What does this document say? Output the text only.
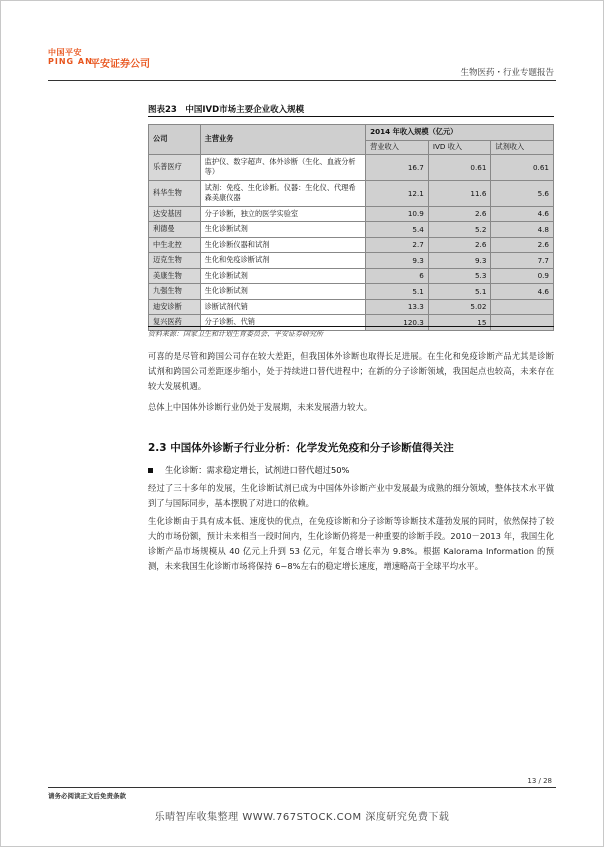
中国平安
PING AN
平安证券公司
生物医药・行业专题报告
图表23　中国IVD市场主要企业收入规模
公司	主营业务	2014 年收入规模（亿元）		
		营业收入	IVD 收入	试剂收入
乐普医疗	监护仪、数字超声、体外诊断（生化、血液分析等）	16.7	0.61	0.61
科华生物	试剂：免疫、生化诊断。仪器：生化仪、代理希森美康仪器	12.1	11.6	5.6
达安基因	分子诊断，独立的医学实验室	10.9	2.6	4.6
利德曼	生化诊断试剂	5.4	5.2	4.8
中生北控	生化诊断仪器和试剂	2.7	2.6	2.6
迈克生物	生化和免疫诊断试剂	9.3	9.3	7.7
美康生物	生化诊断试剂	6	5.3	0.9
九强生物	生化诊断试剂	5.1	5.1	4.6
迪安诊断	诊断试剂代销	13.3	5.02	
复兴医药	分子诊断、代销	120.3	15	
资料来源：国家卫生和计划生育委员会、平安证券研究所
可喜的是尽管和跨国公司存在较大差距，但我国体外诊断也取得长足进展。在生化和免疫诊断产品尤其是诊断试剂和跨国公司差距逐步缩小，处于持续进口替代进程中；在新的分子诊断领域，我国起点也较高，未来存在较大发展机遇。
总体上中国体外诊断行业仍处于发展期，未来发展潜力较大。
2.3 中国体外诊断子行业分析：化学发光免疫和分子诊断值得关注
生化诊断：需求稳定增长，试剂进口替代超过50%
经过了三十多年的发展，生化诊断试剂已成为中国体外诊断产业中发展最为成熟的细分领域，整体技术水平做到了与国际同步，基本摆脱了对进口的依赖。
生化诊断由于具有成本低、速度快的优点，在免疫诊断和分子诊断等诊断技术蓬勃发展的同时，依然保持了较大的市场份额，预计未来相当一段时间内，生化诊断仍将是一种重要的诊断手段。2010－2013 年，我国生化诊断产品市场规模从 40 亿元上升到 53 亿元，年复合增长率为 9.8%。根据 Kalorama Information 的预测，未来我国生化诊断市场将保持 6~8%左右的稳定增长速度，增速略高于全球平均水平。
13 / 28
请务必阅读正文后免责条款
乐晴智库收集整理 WWW.767STOCK.COM 深度研究免费下载
